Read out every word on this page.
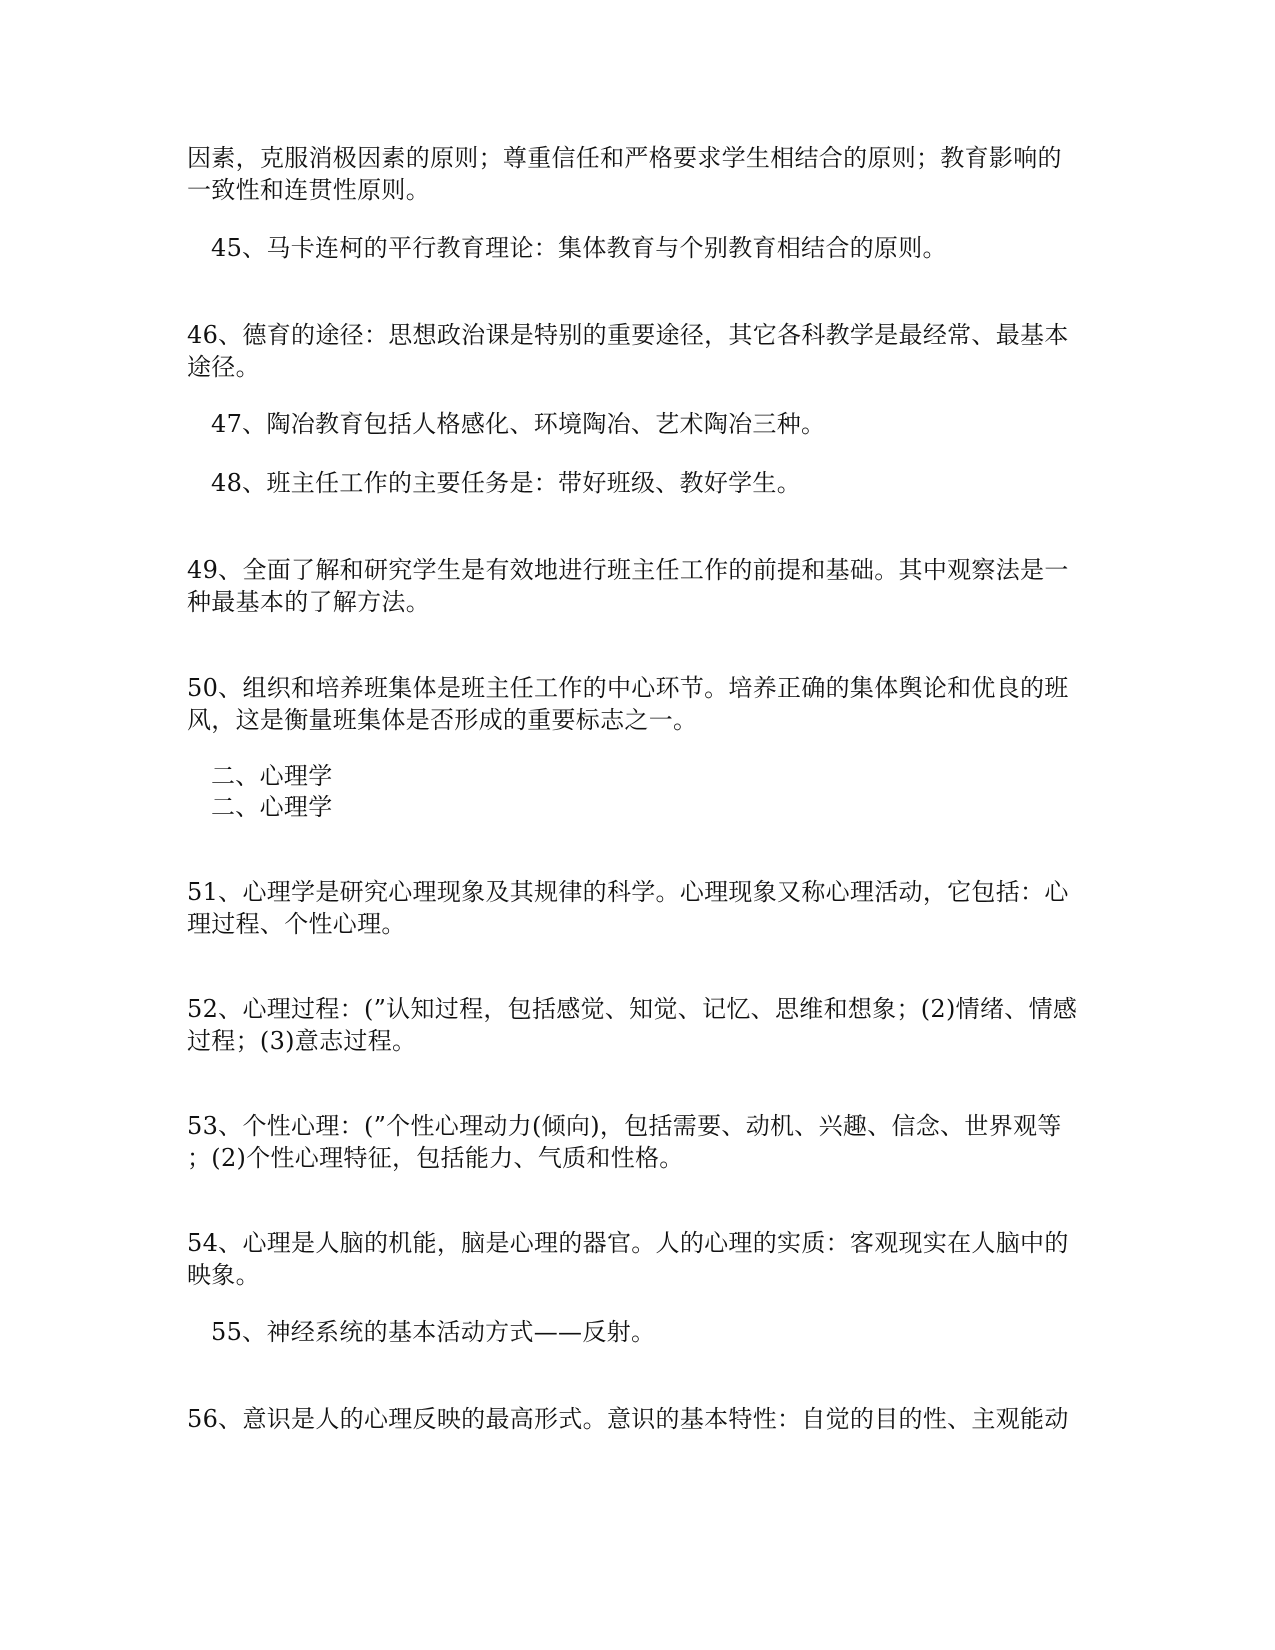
因素，克服消极因素的原则；尊重信任和严格要求学生相结合的原则；教育影响的
一致性和连贯性原则。
45、马卡连柯的平行教育理论：集体教育与个别教育相结合的原则。
46、德育的途径：思想政治课是特别的重要途径，其它各科教学是最经常、最基本
途径。
47、陶冶教育包括人格感化、环境陶冶、艺术陶冶三种。
48、班主任工作的主要任务是：带好班级、教好学生。
49、全面了解和研究学生是有效地进行班主任工作的前提和基础。其中观察法是一
种最基本的了解方法。
50、组织和培养班集体是班主任工作的中心环节。培养正确的集体舆论和优良的班
风，这是衡量班集体是否形成的重要标志之一。
二、心理学
二、心理学
51、心理学是研究心理现象及其规律的科学。心理现象又称心理活动，它包括：心
理过程、个性心理。
52、心理过程：(”认知过程，包括感觉、知觉、记忆、思维和想象；(2)情绪、情感
过程；(3)意志过程。
53、个性心理：(”个性心理动力(倾向)，包括需要、动机、兴趣、信念、世界观等
；(2)个性心理特征，包括能力、气质和性格。
54、心理是人脑的机能，脑是心理的器官。人的心理的实质：客观现实在人脑中的
映象。
55、神经系统的基本活动方式——反射。
56、意识是人的心理反映的最高形式。意识的基本特性：自觉的目的性、主观能动
